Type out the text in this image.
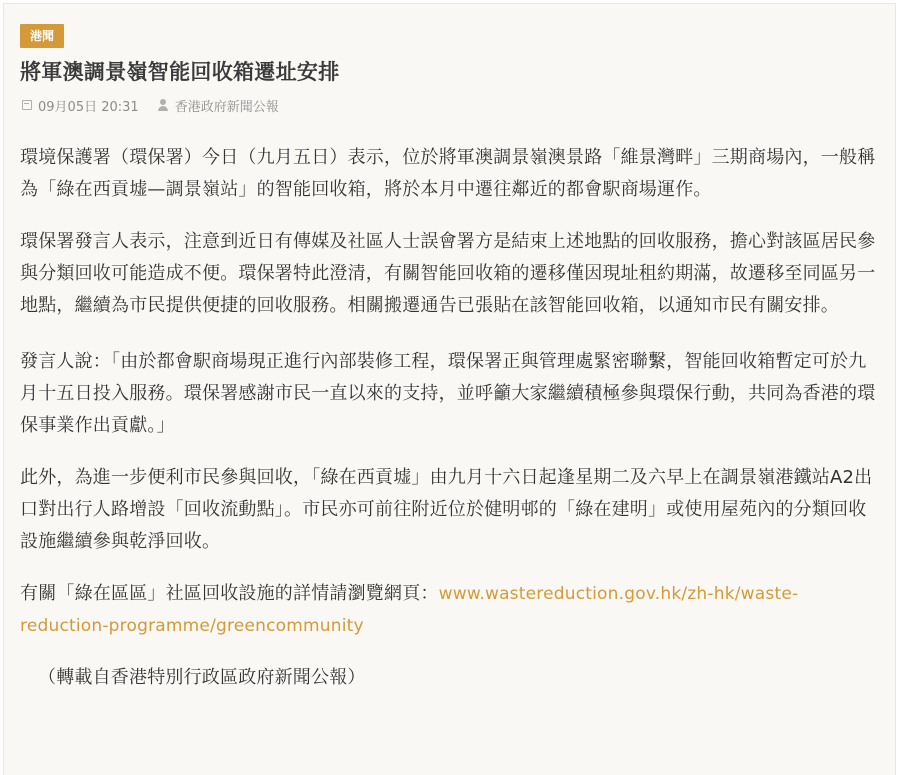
港聞
將軍澳調景嶺智能回收箱遷址安排
09月05日 20:31	香港政府新聞公報

環境保護署（環保署）今日（九月五日）表示，位於將軍澳調景嶺澳景路「維景灣畔」三期商場內，一般稱為「綠在西貢墟—調景嶺站」的智能回收箱，將於本月中遷往鄰近的都會駅商場運作。

環保署發言人表示，注意到近日有傳媒及社區人士誤會署方是結束上述地點的回收服務，擔心對該區居民參與分類回收可能造成不便。環保署特此澄清，有關智能回收箱的遷移僅因現址租約期滿，故遷移至同區另一地點，繼續為市民提供便捷的回收服務。相關搬遷通告已張貼在該智能回收箱，以通知市民有關安排。

發言人說：「由於都會駅商場現正進行內部裝修工程，環保署正與管理處緊密聯繫，智能回收箱暫定可於九月十五日投入服務。環保署感謝市民一直以來的支持，並呼籲大家繼續積極參與環保行動，共同為香港的環保事業作出貢獻。」

此外，為進一步便利市民參與回收，「綠在西貢墟」由九月十六日起逢星期二及六早上在調景嶺港鐵站A2出口對出行人路增設「回收流動點」。市民亦可前往附近位於健明邨的「綠在建明」或使用屋苑內的分類回收設施繼續參與乾淨回收。

有關「綠在區區」社區回收設施的詳情請瀏覽網頁：www.wastereduction.gov.hk/zh-hk/waste-reduction-programme/greencommunity

（轉載自香港特別行政區政府新聞公報）
